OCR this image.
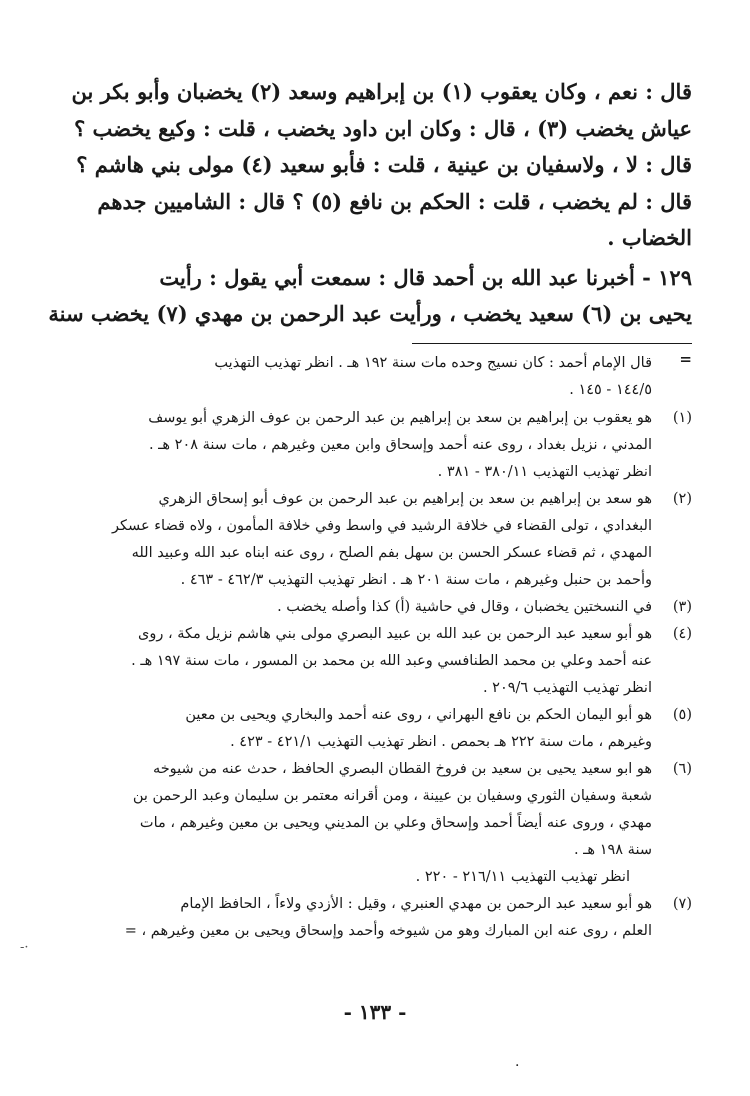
قال : نعم ، وكان يعقوب (١) بن إبراهيم وسعد (٢) يخضبان وأبو بكر بن
عياش يخضب (٣) ، قال : وكان ابن داود يخضب ، قلت : وكيع يخضب ؟
قال : لا ، ولاسفيان بن عينية ، قلت : فأبو سعيد (٤) مولى بني هاشم ؟
قال : لم يخضب ، قلت : الحكم بن نافع (٥) ؟ قال : الشاميين جدهم
الخضاب .
١٢٩ - أخبرنا عبد الله بن أحمد قال : سمعت أبي يقول : رأيت
يحيى بن (٦) سعيد يخضب ، ورأيت عبد الرحمن بن مهدي (٧) يخضب سنة
=
قال الإمام أحمد : كان نسيج وحده مات سنة ١٩٢ هـ . انظر تهذيب التهذيب
١٤٤/٥ - ١٤٥ .
(١)
هو يعقوب بن إبراهيم بن سعد بن إبراهيم بن عبد الرحمن بن عوف الزهري أبو يوسف
المدني ، نزيل بغداد ، روى عنه أحمد وإسحاق وابن معين وغيرهم ، مات سنة ٢٠٨ هـ .
انظر تهذيب التهذيب ٣٨٠/١١ - ٣٨١ .
(٢)
هو سعد بن إبراهيم بن سعد بن إبراهيم بن عبد الرحمن بن عوف أبو إسحاق الزهري
البغدادي ، تولى القضاء في خلافة الرشيد في واسط وفي خلافة المأمون ، ولاه قضاء عسكر
المهدي ، ثم قضاء عسكر الحسن بن سهل بفم الصلح ، روى عنه ابناه عبد الله وعبيد الله
وأحمد بن حنبل وغيرهم ، مات سنة ٢٠١ هـ . انظر تهذيب التهذيب ٤٦٢/٣ - ٤٦٣ .
(٣)
في النسختين يخضبان ، وقال في حاشية (أ) كذا وأصله يخضب .
(٤)
هو أبو سعيد عبد الرحمن بن عبد الله بن عبيد البصري مولى بني هاشم نزيل مكة ، روى
عنه أحمد وعلي بن محمد الطنافسي وعبد الله بن محمد بن المسور ، مات سنة ١٩٧ هـ .
انظر تهذيب التهذيب ٢٠٩/٦ .
(٥)
هو أبو اليمان الحكم بن نافع البهراني ، روى عنه أحمد والبخاري ويحيى بن معين
وغيرهم ، مات سنة ٢٢٢ هـ بحمص . انظر تهذيب التهذيب ٤٢١/١ - ٤٢٣ .
(٦)
هو ابو سعيد يحيى بن سعيد بن فروخ القطان البصري الحافظ ، حدث عنه من شيوخه
شعبة وسفيان الثوري وسفيان بن عيينة ، ومن أقرانه معتمر بن سليمان وعبد الرحمن بن
مهدي ، وروى عنه أيضاً أحمد وإسحاق وعلي بن المديني ويحيى بن معين وغيرهم ، مات
سنة ١٩٨ هـ .
انظر تهذيب التهذيب ٢١٦/١١ - ٢٢٠ .
(٧)
هو أبو سعيد عبد الرحمن بن مهدي العنبري ، وقيل : الأزدي ولاءاً ، الحافظ الإمام
العلم ، روى عنه ابن المبارك وهو من شيوخه وأحمد وإسحاق ويحيى بن معين وغيرهم ، =
- ١٣٣ -
·
-·
